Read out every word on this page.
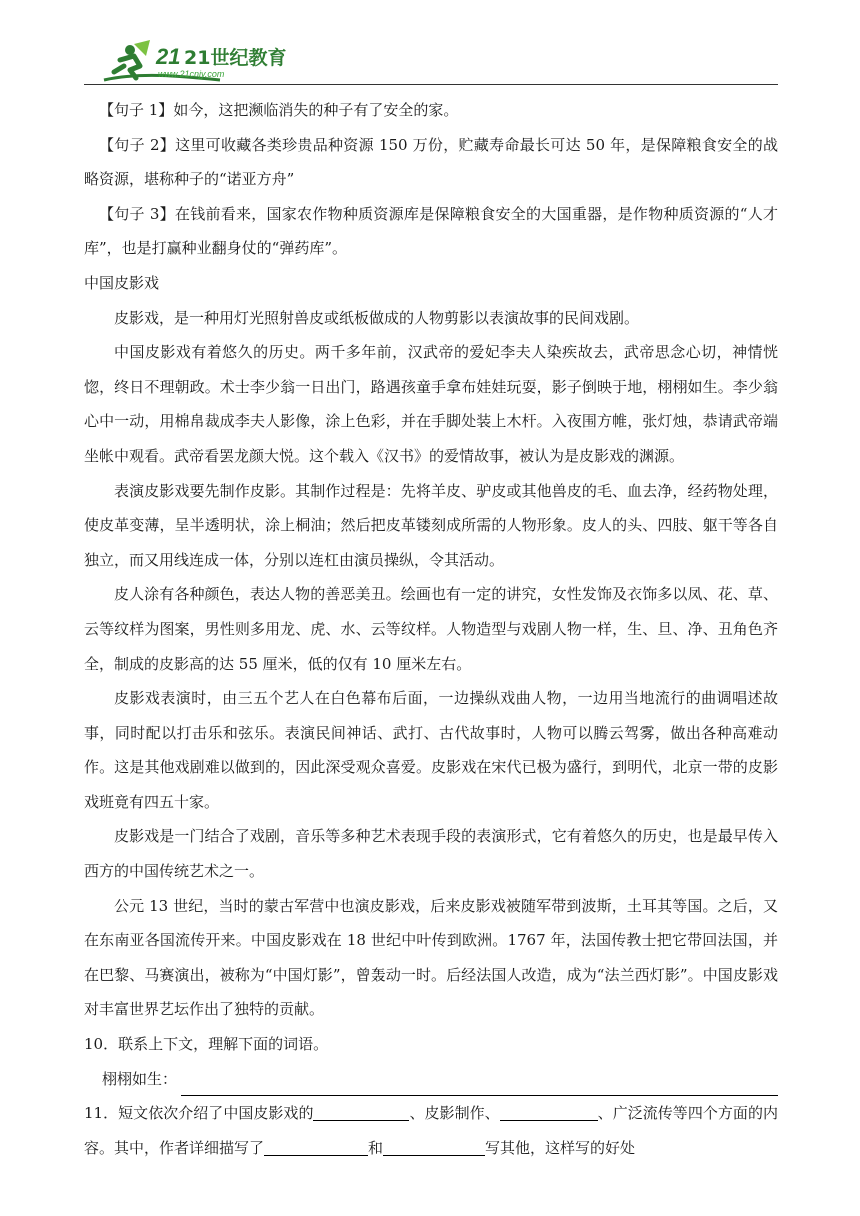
21 21世纪教育
www.21cnjy.com

【句子 1】如今，这把濒临消失的种子有了安全的家。

【句子 2】这里可收藏各类珍贵品种资源 150 万份，贮藏寿命最长可达 50 年，是保障粮食安全的战略资源，堪称种子的“诺亚方舟”

【句子 3】在钱前看来，国家农作物种质资源库是保障粮食安全的大国重器，是作物种质资源的“人才库”，也是打赢种业翻身仗的“弹药库”。

中国皮影戏

皮影戏，是一种用灯光照射兽皮或纸板做成的人物剪影以表演故事的民间戏剧。

中国皮影戏有着悠久的历史。两千多年前，汉武帝的爱妃李夫人染疾故去，武帝思念心切，神情恍惚，终日不理朝政。术士李少翁一日出门，路遇孩童手拿布娃娃玩耍，影子倒映于地，栩栩如生。李少翁心中一动，用棉帛裁成李夫人影像，涂上色彩，并在手脚处装上木杆。入夜围方帷，张灯烛，恭请武帝端坐帐中观看。武帝看罢龙颜大悦。这个载入《汉书》的爱情故事，被认为是皮影戏的渊源。

表演皮影戏要先制作皮影。其制作过程是：先将羊皮、驴皮或其他兽皮的毛、血去净，经药物处理，使皮革变薄，呈半透明状，涂上桐油；然后把皮革镂刻成所需的人物形象。皮人的头、四肢、躯干等各自独立，而又用线连成一体，分别以连杠由演员操纵，令其活动。

皮人涂有各种颜色，表达人物的善恶美丑。绘画也有一定的讲究，女性发饰及衣饰多以凤、花、草、云等纹样为图案，男性则多用龙、虎、水、云等纹样。人物造型与戏剧人物一样，生、旦、净、丑角色齐全，制成的皮影高的达 55 厘米，低的仅有 10 厘米左右。

皮影戏表演时，由三五个艺人在白色幕布后面，一边操纵戏曲人物，一边用当地流行的曲调唱述故事，同时配以打击乐和弦乐。表演民间神话、武打、古代故事时，人物可以腾云驾雾，做出各种高难动作。这是其他戏剧难以做到的，因此深受观众喜爱。皮影戏在宋代已极为盛行，到明代，北京一带的皮影戏班竟有四五十家。

皮影戏是一门结合了戏剧，音乐等多种艺术表现手段的表演形式，它有着悠久的历史，也是最早传入西方的中国传统艺术之一。

公元 13 世纪，当时的蒙古军营中也演皮影戏，后来皮影戏被随军带到波斯，土耳其等国。之后，又在东南亚各国流传开来。中国皮影戏在 18 世纪中叶传到欧洲。1767 年，法国传教士把它带回法国，并在巴黎、马赛演出，被称为“中国灯影”，曾轰动一时。后经法国人改造，成为“法兰西灯影”。中国皮影戏对丰富世界艺坛作出了独特的贡献。

10．联系上下文，理解下面的词语。

栩栩如生：

11．短文依次介绍了中国皮影戏的	、皮影制作、	、广泛流传等四个方面的内容。其中，作者详细描写了	和	写其他，这样写的好处
